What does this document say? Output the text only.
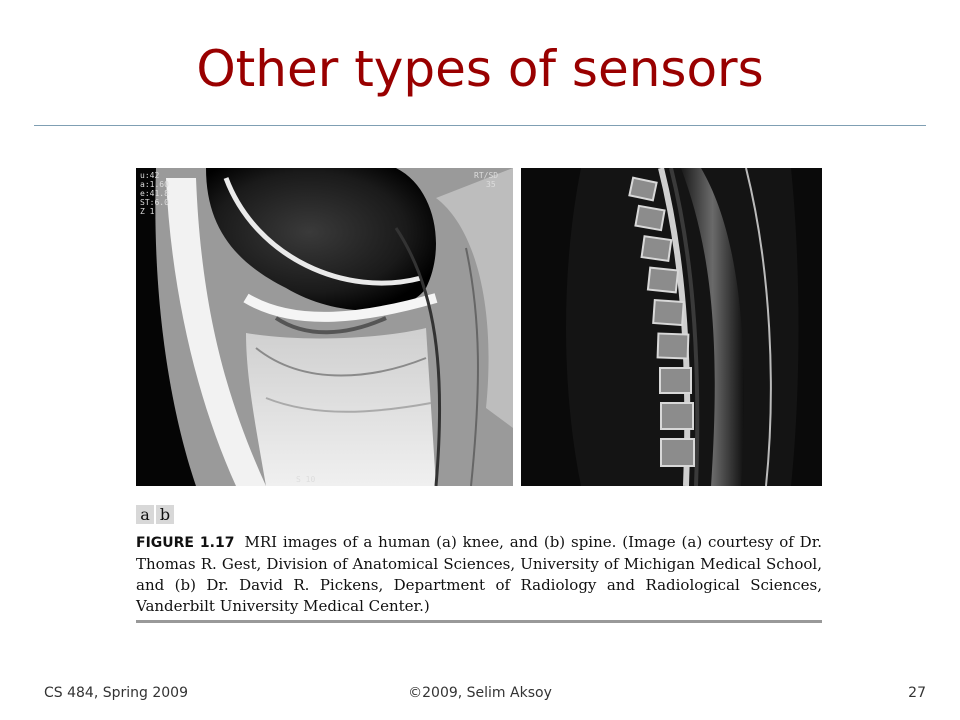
Other types of sensors
u:42
a:1.60
e:41.8
ST:6.0
Z 1
RT/SD
35
S 10
a b
FIGURE 1.17 MRI images of a human (a) knee, and (b) spine. (Image (a) courtesy of Dr. Thomas R. Gest, Division of Anatomical Sciences, University of Michigan Medical School, and (b) Dr. David R. Pickens, Department of Radiology and Radiological Sciences, Vanderbilt University Medical Center.)
CS 484, Spring 2009	©2009, Selim Aksoy	27
